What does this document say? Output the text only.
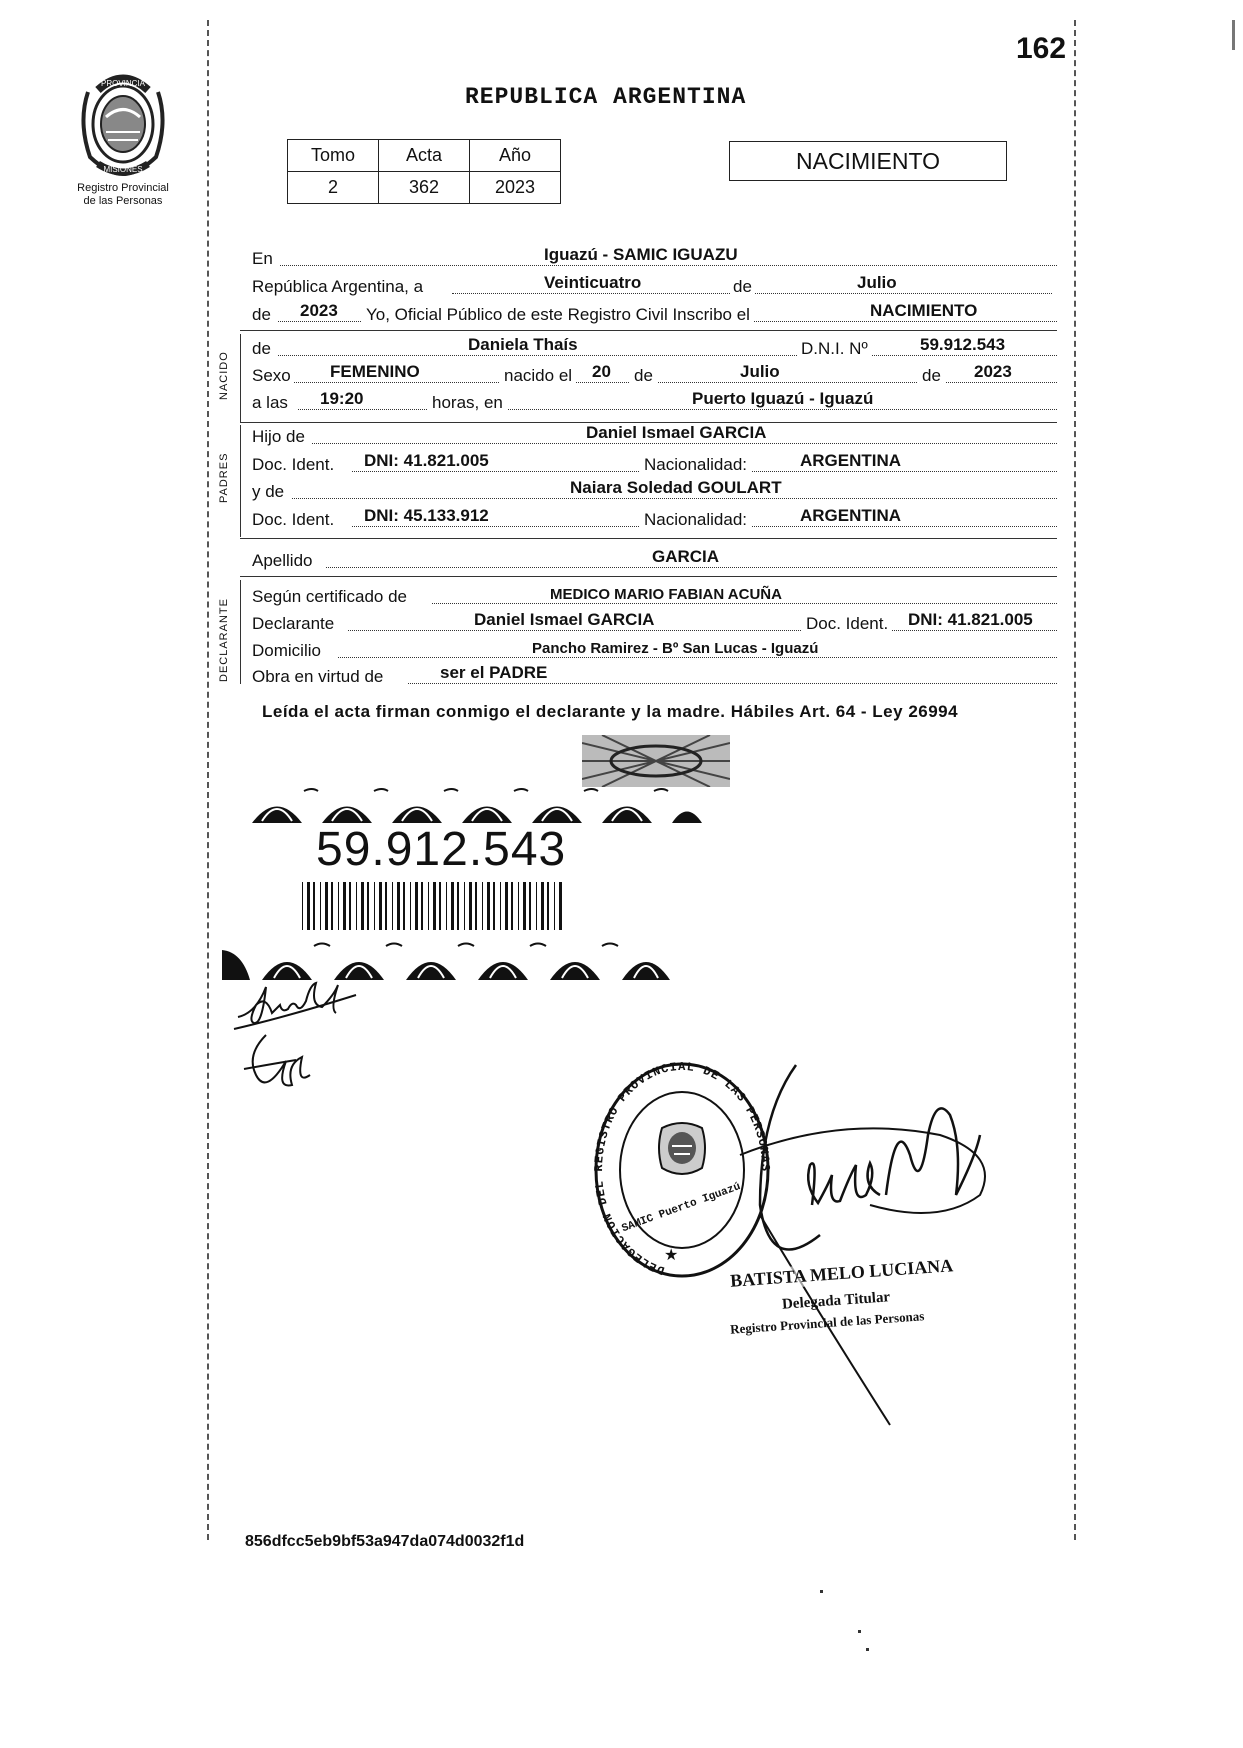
162
PROVINCIA
MISIONES
Registro Provincial
de las Personas
REPUBLICA ARGENTINA
Tomo	Acta	Año
2	362	2023
NACIMIENTO
En	Iguazú - SAMIC IGUAZU
República Argentina, a	Veinticuatro	de	Julio
de 2023 Yo, Oficial Público de este Registro Civil Inscribo el	NACIMIENTO
NACIDO
de	Daniela Thaís	D.N.I. Nº	59.912.543
Sexo FEMENINO	nacido el 20 de	Julio	de 2023
a las 19:20	horas, en	Puerto Iguazú - Iguazú
PADRES
Hijo de	Daniel Ismael GARCIA
Doc. Ident. DNI: 41.821.005	Nacionalidad:	ARGENTINA
y de	Naiara Soledad GOULART
Doc. Ident. DNI: 45.133.912	Nacionalidad:	ARGENTINA
Apellido	GARCIA
DECLARANTE
Según certificado de	MEDICO MARIO FABIAN ACUÑA
Declarante	Daniel Ismael GARCIA	Doc. Ident. DNI: 41.821.005
Domicilio	Pancho Ramirez - Bº San Lucas - Iguazú
Obra en virtud de	ser el PADRE
Leída el acta firman conmigo el declarante y la madre. Hábiles Art. 64 - Ley 26994
59.912.543
DELEGACION DEL REGISTRO PROVINCIAL DE LAS PERSONAS
SAMIC Puerto Iguazú
★	BATISTA MELO LUCIANA
Delegada Titular
Registro Provincial de las Personas
856dfcc5eb9bf53a947da074d0032f1d
